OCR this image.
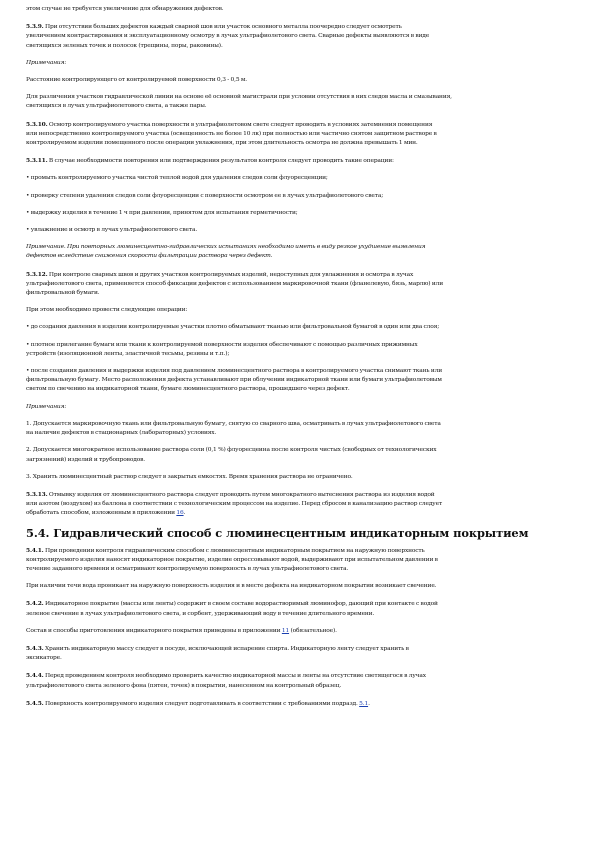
этом случае не требуется увеличение для обнаружения дефектов.

5.3.9. При отсутствии больших дефектов каждый сварной шов или участок основного металла поочередно следует осмотреть
увеличением контрастирования и эксплуатационному осмотру в лучах ультрафиолетового света. Сварные дефекты выявляются в виде
светящихся зеленых точек и полосок (трещины, поры, раковины).

Примечания:

Расстояние контролирующего от контролируемой поверхности 0,3 - 0,5 м.

Для различения участков гидравлической линии на основе её основной магистрали при условии отсутствия в них следов масла и смазывания,
светящихся в лучах ультрафиолетового света, а также пары.

5.3.10. Осмотр контролируемого участка поверхности в ультрафиолетовом свете следует проводить в условиях затемнения помещения
или непосредственно контролируемого участка (освещенность не более 10 лк) при полностью или частично снятом защитном растворе в
контролируемом изделии помещенного после операции увлажнения, при этом длительность осмотра не должна превышать 1 мин.

5.3.11. В случае необходимости повторения или подтверждения результатов контроля следует проводить такие операции:

• промыть контролируемого участка чистой теплой водой для удаления следов соли флуоресценции;

• проверку степени удаления следов соли флуоресценции с поверхности осмотром ее в лучах ультрафиолетового света;

• выдержку изделия в течение 1 ч при давлении, принятом для испытания герметичности;

• увлажнение и осмотр в лучах ультрафиолетового света.

Примечание. При повторных люминесцентно-гидравлических испытаниях необходимо иметь в виду резкое ухудшение выявления
дефектов вследствие снижения скорости фильтрации раствора через дефект.

5.3.12. При контроле сварных швов и других участков контролируемых изделий, недоступных для увлажнения и осмотра в лучах
ультрафиолетового света, применяется способ фиксации дефектов с использованием маркировочной ткани (фланелевую, бязь, марлю) или
фильтровальной бумаги.

При этом необходимо провести следующие операции:

• до создания давления в изделии контролируемые участки плотно обматывают тканью или фильтровальной бумагой в один или два слоя;

• плотное прилегание бумаги или ткани к контролируемой поверхности изделия обеспечивают с помощью различных прижимных
устройств (изоляционной ленты, эластичной тесьмы, резины и т.п.);

• после создания давления и выдержки изделия под давлением люминесцентного раствора в контролируемого участка снимают ткань или
фильтровальную бумагу. Место расположения дефекта устанавливают при облучении индикаторной ткани или бумаги ультрафиолетовым
светом по свечению на индикаторной ткани, бумаге люминесцентного раствора, прошедшего через дефект.

Примечания:

1. Допускается маркировочную ткань или фильтровальную бумагу, снятую со сварного шва, осматривать в лучах ультрафиолетового света
на наличие дефектов в стационарных (лабораторных) условиях.

2. Допускается многократное использование раствора соли (0,1 %) флуоресцеина после контроля чистых (свободных от технологических
загрязнений) изделий и трубопроводов.

3. Хранить люминесцентный раствор следует в закрытых емкостях. Время хранения раствора не ограничено.

5.3.13. Отмывку изделия от люминесцентного раствора следует проводить путем многократного вытеснения раствора из изделия водой
или азотом (воздухом) из баллона в соответствии с технологическим процессом на изделие. Перед сбросом в канализацию раствор следует
обработать способом, изложенным в приложении 16.

5.4. Гидравлический способ с люминесцентным индикаторным покрытием

5.4.1. При проведении контроля гидравлическим способом с люминесцентным индикаторным покрытием на наружную поверхность
контролируемого изделия наносят индикаторное покрытие, изделие опрессовывают водой, выдерживают при испытательном давлении в
течение заданного времени и осматривают контролируемую поверхность в лучах ультрафиолетового света.

При наличии течи вода проникает на наружную поверхность изделия и в месте дефекта на индикаторном покрытии возникает свечение.

5.4.2. Индикаторное покрытие (массы или ленты) содержит в своем составе водорастворимый люминофор, дающий при контакте с водой
зеленое свечение в лучах ультрафиолетового света, и сорбент, удерживающий воду в течение длительного времени.

Состав и способы приготовления индикаторного покрытия приведены в приложении 11 (обязательное).

5.4.3. Хранить индикаторную массу следует в посуде, исключающей испарение спирта. Индикаторную ленту следует хранить в
эксикаторе.

5.4.4. Перед проведением контроля необходимо проверить качество индикаторной массы и ленты на отсутствие светящегося в лучах
ультрафиолетового света зеленого фона (пятен, точек) в покрытии, нанесенном на контрольный образец.

5.4.5. Поверхность контролируемого изделия следует подготавливать в соответствии с требованиями подразд. 5.1.
